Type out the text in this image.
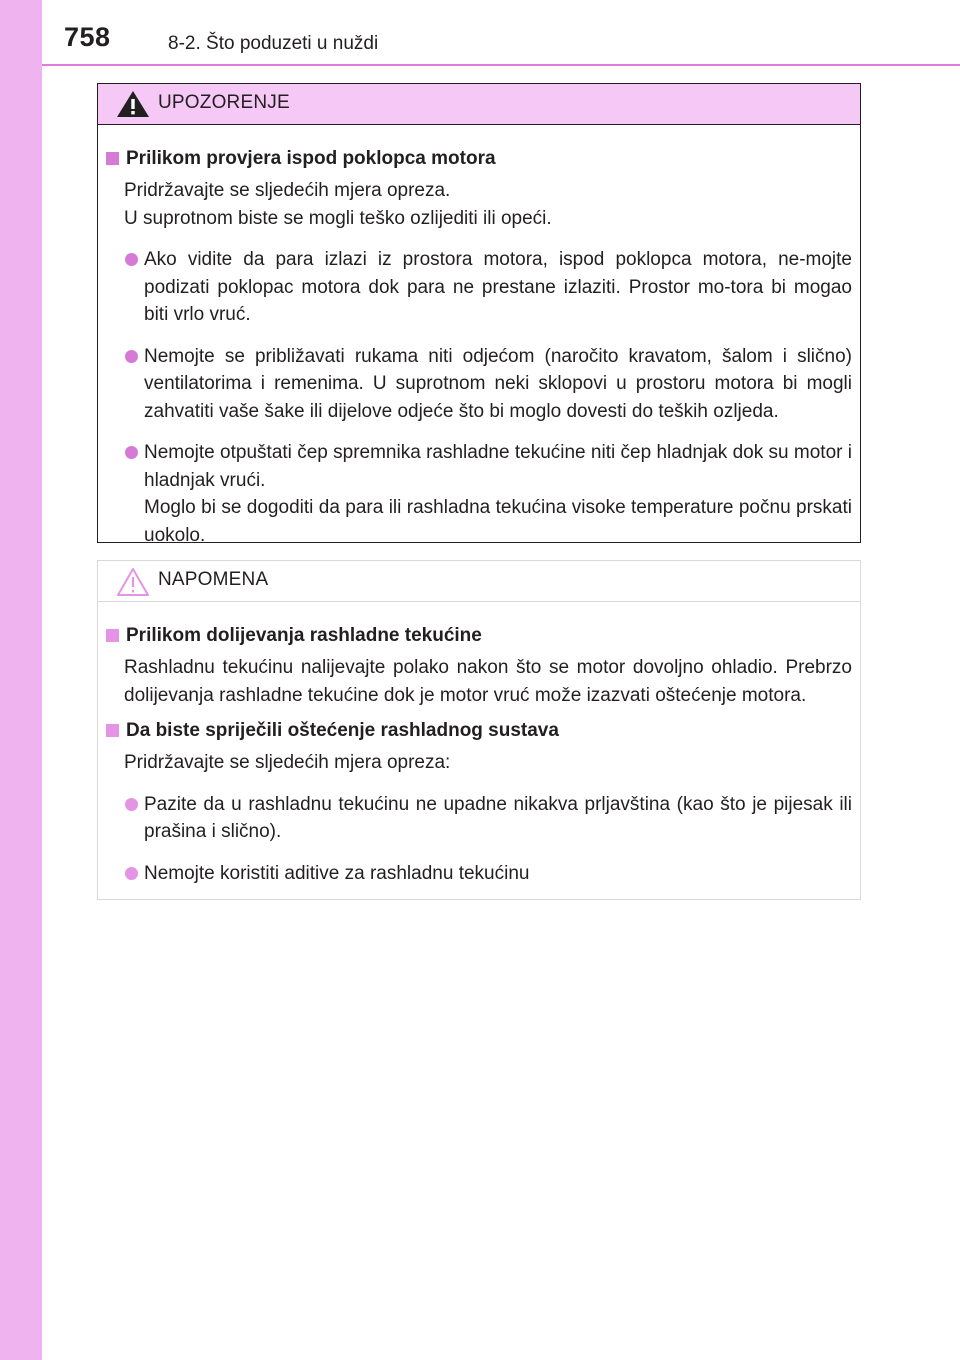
758	8-2. Što poduzeti u nuždi
UPOZORENJE
Prilikom provjera ispod poklopca motora
Pridržavajte se sljedećih mjera opreza.
U suprotnom biste se mogli teško ozlijediti ili opeći.
Ako vidite da para izlazi iz prostora motora, ispod poklopca motora, ne-mojte podizati poklopac motora dok para ne prestane izlaziti. Prostor mo-tora bi mogao biti vrlo vruć.
Nemojte se približavati rukama niti odjećom (naročito kravatom, šalom i slično) ventilatorima i remenima. U suprotnom neki sklopovi u prostoru motora bi mogli zahvatiti vaše šake ili dijelove odjeće što bi moglo dovesti do teških ozljeda.
Nemojte otpuštati čep spremnika rashladne tekućine niti čep hladnjak dok su motor i hladnjak vrući.
Moglo bi se dogoditi da para ili rashladna tekućina visoke temperature počnu prskati uokolo.
NAPOMENA
Prilikom dolijevanja rashladne tekućine
Rashladnu tekućinu nalijevajte polako nakon što se motor dovoljno ohladio. Prebrzo dolijevanja rashladne tekućine dok je motor vruć može izazvati oštećenje motora.
Da biste spriječili oštećenje rashladnog sustava
Pridržavajte se sljedećih mjera opreza:
Pazite da u rashladnu tekućinu ne upadne nikakva prljavština (kao što je pijesak ili prašina i slično).
Nemojte koristiti aditive za rashladnu tekućinu
